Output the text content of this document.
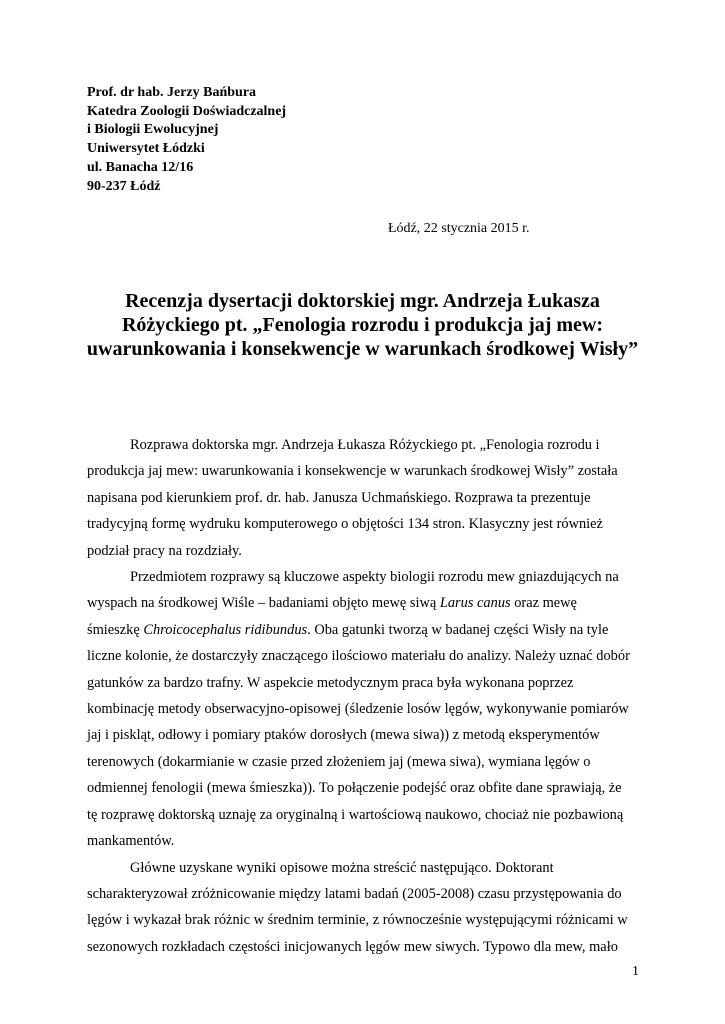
Prof. dr hab. Jerzy Bańbura
Katedra Zoologii Doświadczalnej
i Biologii Ewolucyjnej
Uniwersytet Łódzki
ul. Banacha 12/16
90-237 Łódź
Łódź, 22 stycznia 2015 r.
Recenzja dysertacji doktorskiej mgr. Andrzeja Łukasza
Różyckiego pt. „Fenologia rozrodu i produkcja jaj mew:
uwarunkowania i konsekwencje w warunkach środkowej Wisły”
Rozprawa doktorska mgr. Andrzeja Łukasza Różyckiego pt. „Fenologia rozrodu i
produkcja jaj mew: uwarunkowania i konsekwencje w warunkach środkowej Wisły” została
napisana pod kierunkiem prof. dr. hab. Janusza Uchmańskiego. Rozprawa ta prezentuje
tradycyjną formę wydruku komputerowego o objętości 134 stron. Klasyczny jest również
podział pracy na rozdziały.
Przedmiotem rozprawy są kluczowe aspekty biologii rozrodu mew gniazdujących na
wyspach na środkowej Wiśle – badaniami objęto mewę siwą Larus canus oraz mewę
śmieszkę Chroicocephalus ridibundus. Oba gatunki tworzą w badanej części Wisły na tyle
liczne kolonie, że dostarczyły znaczącego ilościowo materiału do analizy. Należy uznać dobór
gatunków za bardzo trafny. W aspekcie metodycznym praca była wykonana poprzez
kombinację metody obserwacyjno-opisowej (śledzenie losów lęgów, wykonywanie pomiarów
jaj i piskląt, odłowy i pomiary ptaków dorosłych (mewa siwa)) z metodą eksperymentów
terenowych (dokarmianie w czasie przed złożeniem jaj (mewa siwa), wymiana lęgów o
odmiennej fenologii (mewa śmieszka)). To połączenie podejść oraz obfite dane sprawiają, że
tę rozprawę doktorską uznaję za oryginalną i wartościową naukowo, chociaż nie pozbawioną
mankamentów.
Główne uzyskane wyniki opisowe można streścić następująco. Doktorant
scharakteryzował zróżnicowanie między latami badań (2005-2008) czasu przystępowania do
lęgów i wykazał brak różnic w średnim terminie, z równocześnie występującymi różnicami w
sezonowych rozkładach częstości inicjowanych lęgów mew siwych. Typowo dla mew, mało
1
